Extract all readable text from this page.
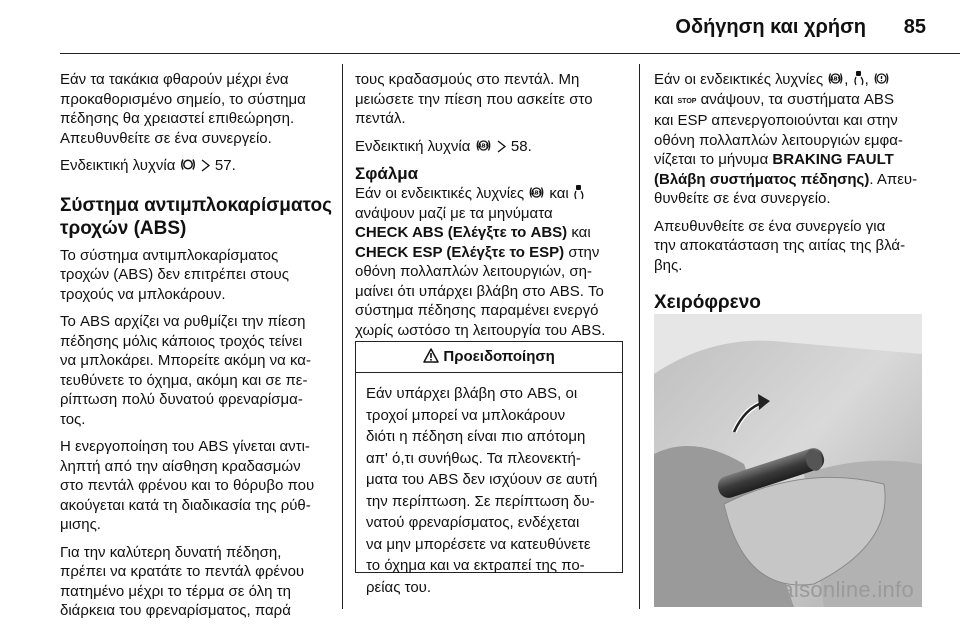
Οδήγηση και χρήση 85

Εάν τα τακάκια φθαρούν μέχρι ένα
προκαθορισμένο σημείο, το σύστημα
πέδησης θα χρειαστεί επιθεώρηση.
Απευθυνθείτε σε ένα συνεργείο.

Ενδεικτική λυχνία	57.

Σύστημα αντιμπλοκαρίσματος
τροχών (ABS)

Το σύστημα αντιμπλοκαρίσματος
τροχών (ABS) δεν επιτρέπει στους
τροχούς να μπλοκάρουν.

Το ABS αρχίζει να ρυθμίζει την πίεση
πέδησης μόλις κάποιος τροχός τείνει
να μπλοκάρει. Μπορείτε ακόμη να κα-
τευθύνετε το όχημα, ακόμη και σε πε-
ρίπτωση πολύ δυνατού φρεναρίσμα-
τος.

Η ενεργοποίηση του ABS γίνεται αντι-
ληπτή από την αίσθηση κραδασμών
στο πεντάλ φρένου και το θόρυβο που
ακούγεται κατά τη διαδικασία της ρύθ-
μισης.

Για την καλύτερη δυνατή πέδηση,
πρέπει να κρατάτε το πεντάλ φρένου
πατημένο μέχρι το τέρμα σε όλη τη
διάρκεια του φρεναρίσματος, παρά

τους κραδασμούς στο πεντάλ. Μη
μειώσετε την πίεση που ασκείτε στο
πεντάλ.

Ενδεικτική λυχνία ABS 58.

Σφάλμα

Εάν οι ενδεικτικές λυχνίες ABS και
ανάψουν μαζί με τα μηνύματα
CHECK ABS (Ελέγξτε το ABS) και
CHECK ESP (Ελέγξτε το ESP) στην
οθόνη πολλαπλών λειτουργιών, ση-
μαίνει ότι υπάρχει βλάβη στο ABS. Το
σύστημα πέδησης παραμένει ενεργό
χωρίς ωστόσο τη λειτουργία του ABS.

Προειδοποίηση
Εάν υπάρχει βλάβη στο ABS, οι
τροχοί μπορεί να μπλοκάρουν
διότι η πέδηση είναι πιο απότομη
απ' ό,τι συνήθως. Τα πλεονεκτή-
ματα του ABS δεν ισχύουν σε αυτή
την περίπτωση. Σε περίπτωση δυ-
νατού φρεναρίσματος, ενδέχεται
να μην μπορέσετε να κατευθύνετε
το όχημα και να εκτραπεί της πο-
ρείας του.

Εάν οι ενδεικτικές λυχνίες ABS , ,
και STOP ανάψουν, τα συστήματα ABS
και ESP απενεργοποιούνται και στην
οθόνη πολλαπλών λειτουργιών εμφα-
νίζεται το μήνυμα BRAKING FAULT
(Βλάβη συστήματος πέδησης). Απευ-
θυνθείτε σε ένα συνεργείο.

Απευθυνθείτε σε ένα συνεργείο για
την αποκατάσταση της αιτίας της βλά-
βης.

Χειρόφρενο
carmanualsonline.info
